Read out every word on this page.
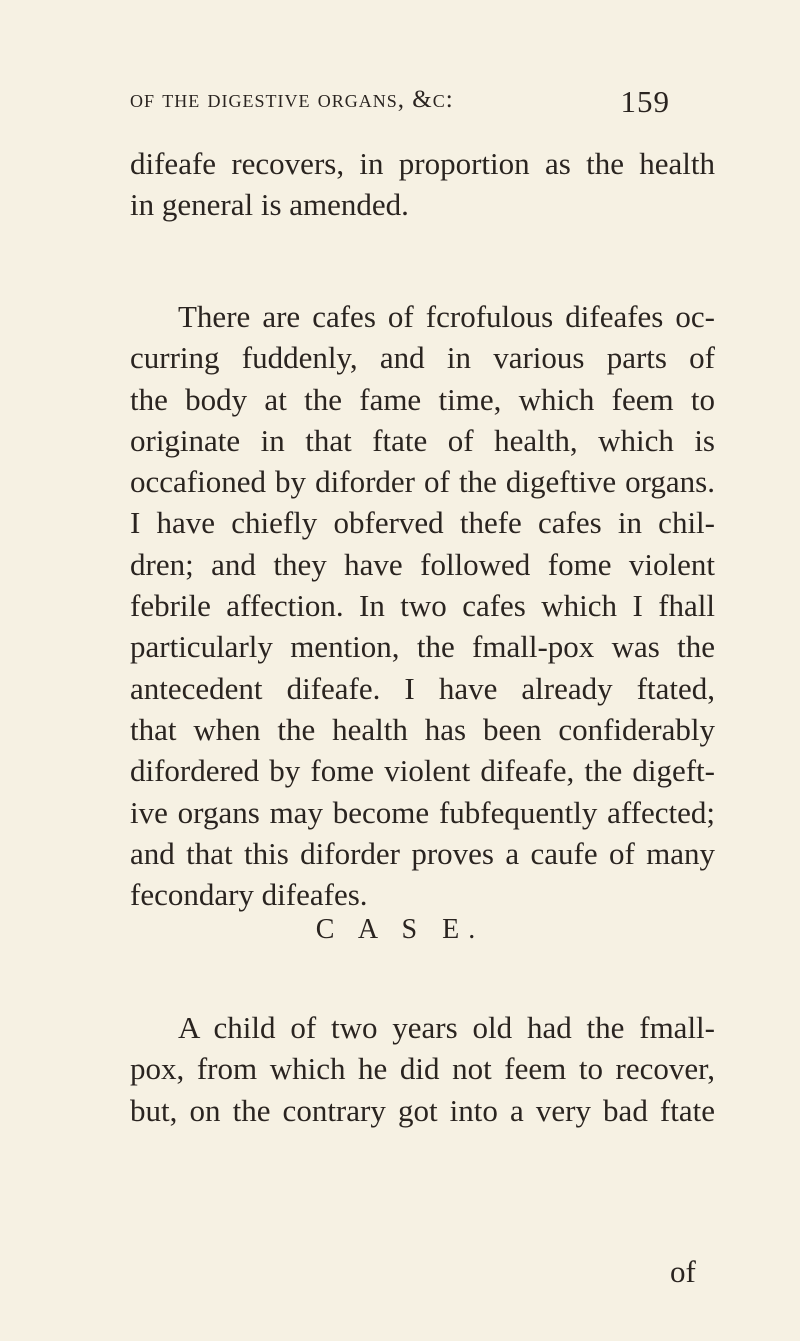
of the digestive organs, &c:	159
difeafe recovers, in proportion as the health
in general is amended.
There are cafes of fcrofulous difeafes oc-
curring fuddenly, and in various parts of
the body at the fame time, which feem to
originate in that ftate of health, which is
occafioned by diforder of the digeftive organs.
I have chiefly obferved thefe cafes in chil-
dren; and they have followed fome violent
febrile affection. In two cafes which I fhall
particularly mention, the fmall-pox was the
antecedent difeafe. I have already ftated,
that when the health has been confiderably
difordered by fome violent difeafe, the digeft-
ive organs may become fubfequently affected;
and that this diforder proves a caufe of many
fecondary difeafes.
C A S E.
A child of two years old had the fmall-
pox, from which he did not feem to recover,
but, on the contrary got into a very bad ftate
of
